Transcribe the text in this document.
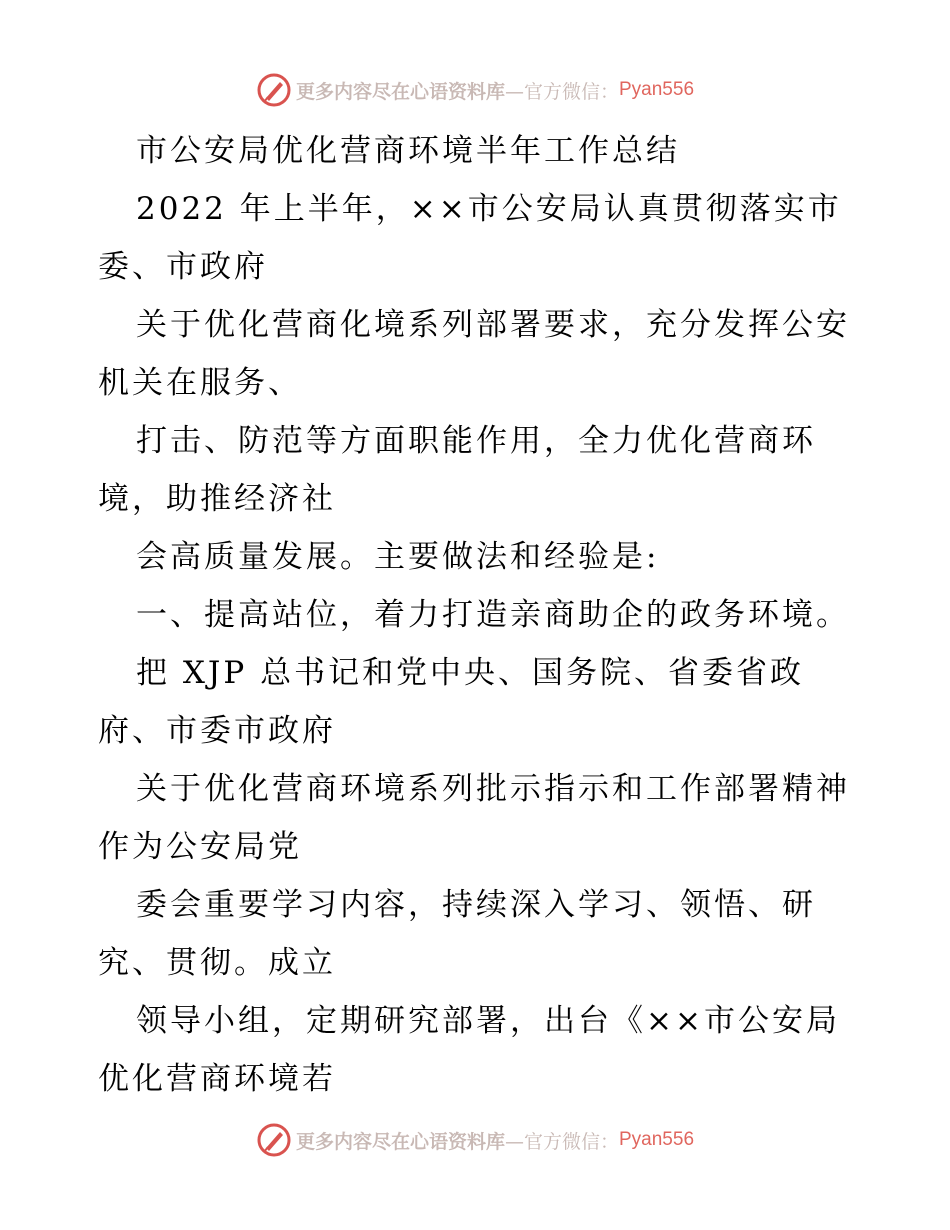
更多内容尽在心语资料库 —官方微信： Pyan556
市公安局优化营商环境半年工作总结
2022 年上半年，××市公安局认真贯彻落实市
委、市政府
关于优化营商化境系列部署要求，充分发挥公安
机关在服务、
打击、防范等方面职能作用，全力优化营商环
境，助推经济社
会高质量发展。主要做法和经验是:
一、提高站位，着力打造亲商助企的政务环境。
把 XJP 总书记和党中央、国务院、省委省政
府、市委市政府
关于优化营商环境系列批示指示和工作部署精神
作为公安局党
委会重要学习内容，持续深入学习、领悟、研
究、贯彻。成立
领导小组，定期研究部署，出台《××市公安局
优化营商环境若
更多内容尽在心语资料库 —官方微信： Pyan556
